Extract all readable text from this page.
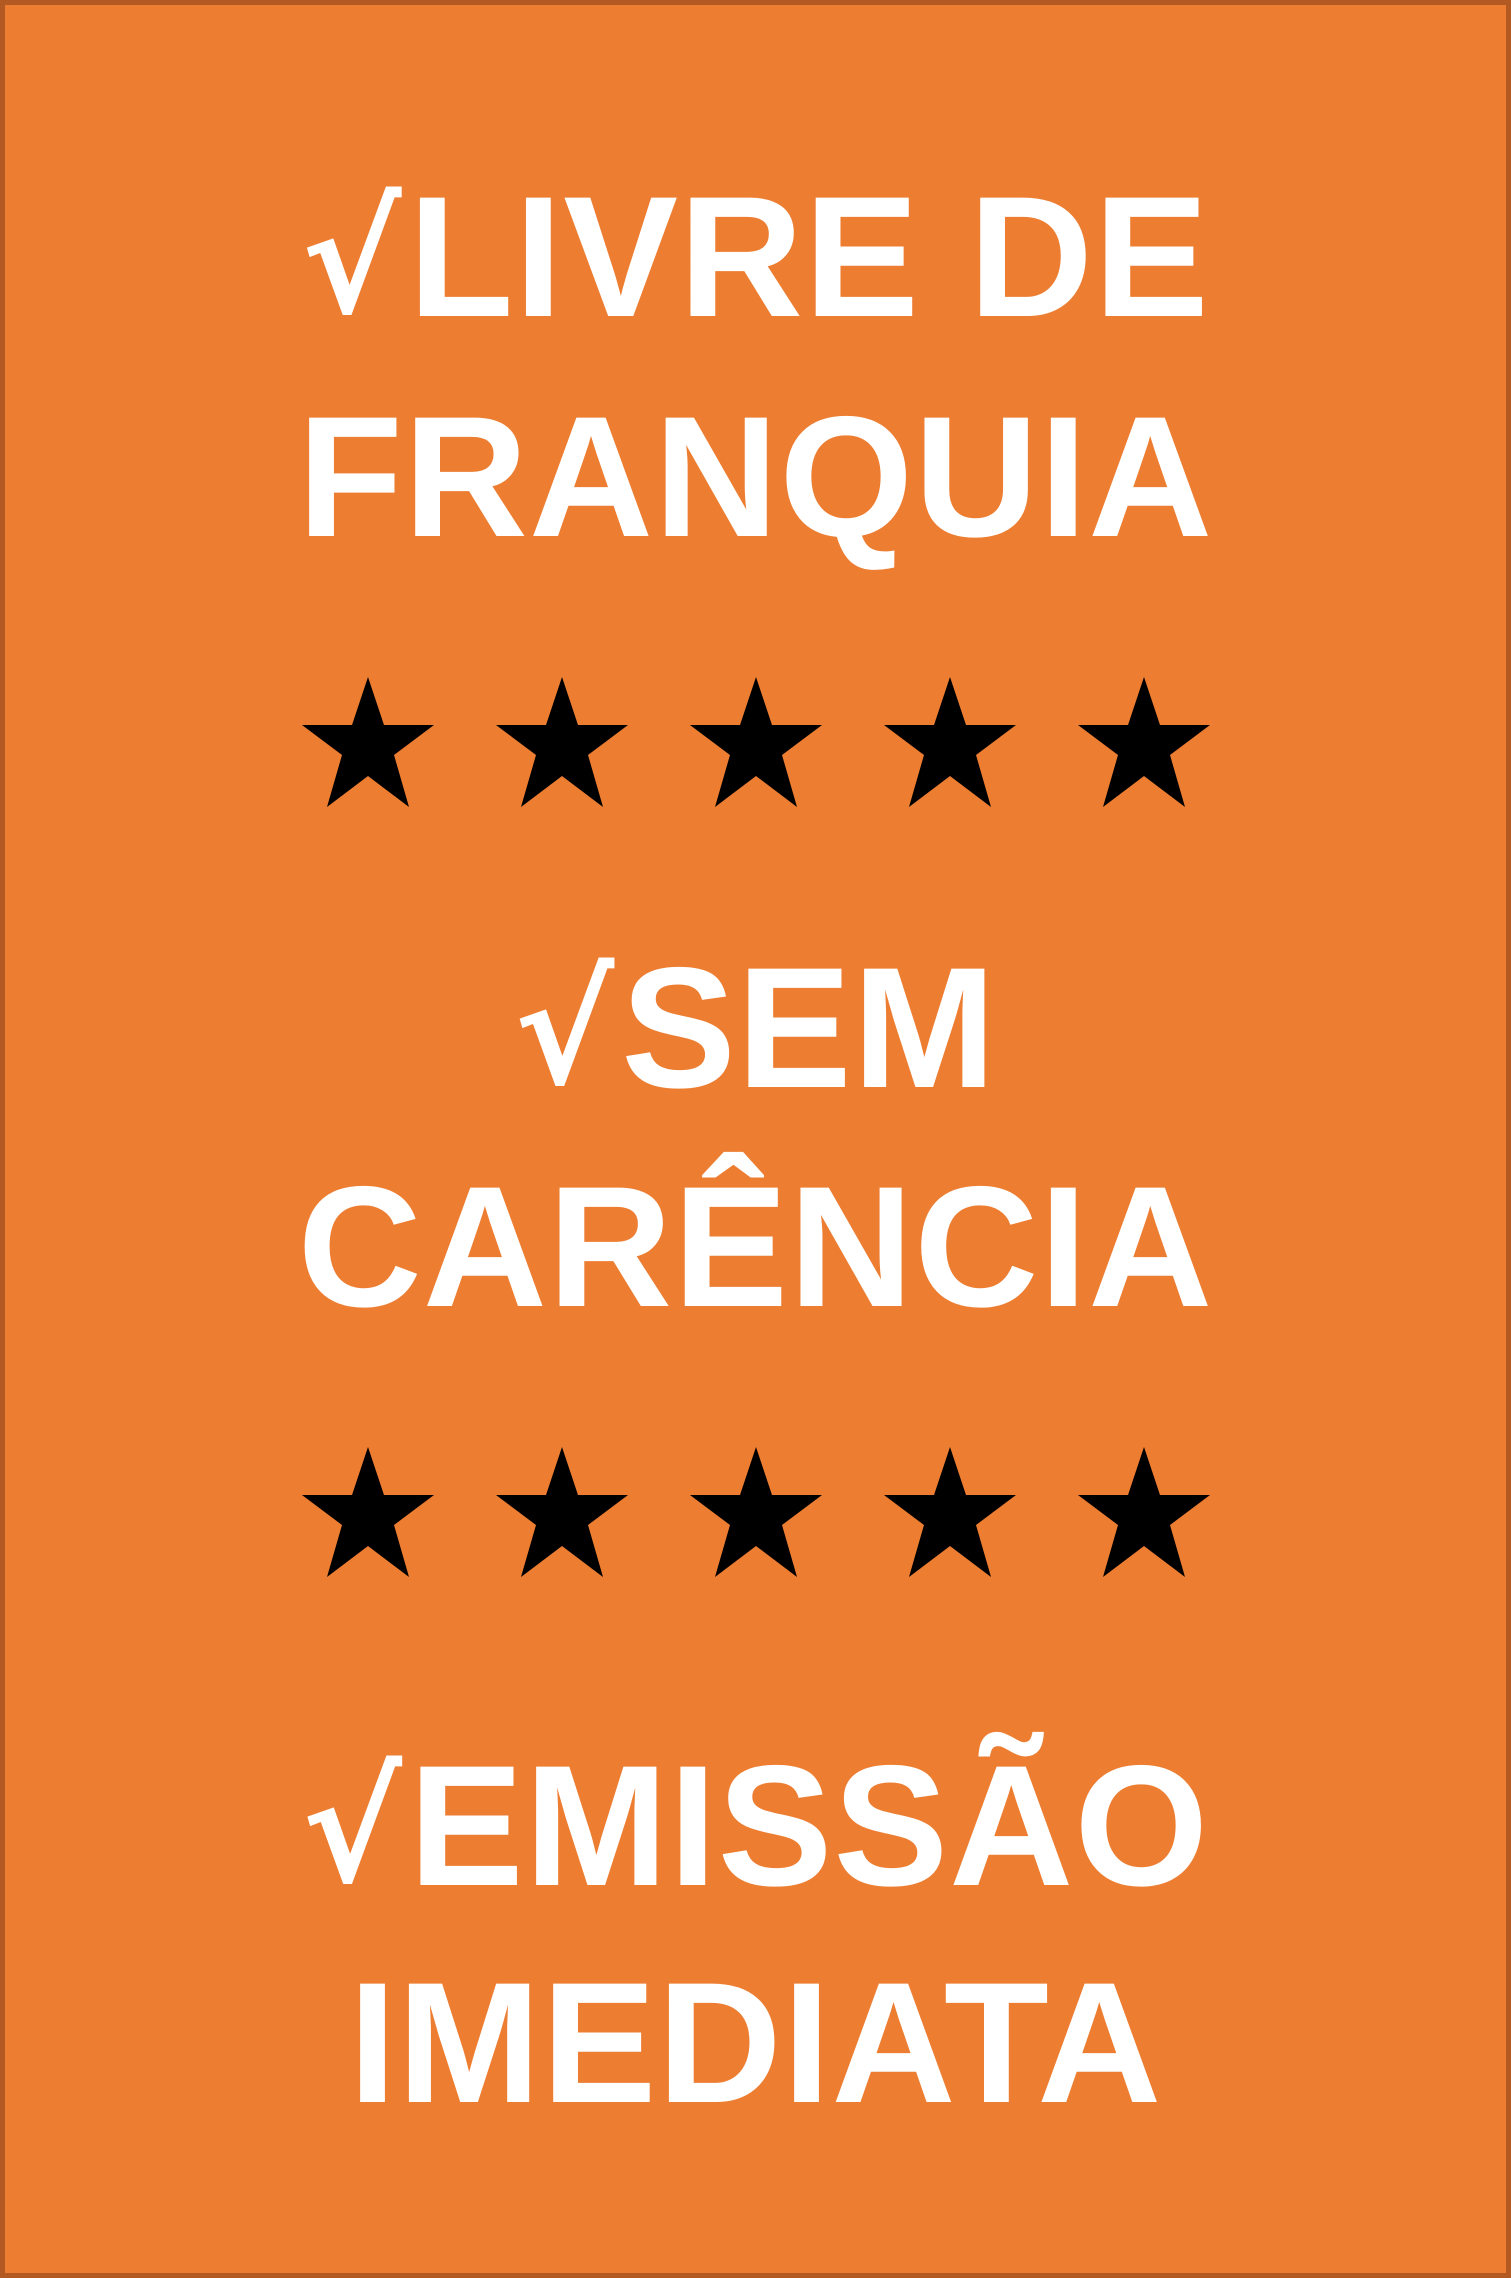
√LIVRE DE
FRANQUIA
√SEM
CARÊNCIA
√EMISSÃO
IMEDIATA
